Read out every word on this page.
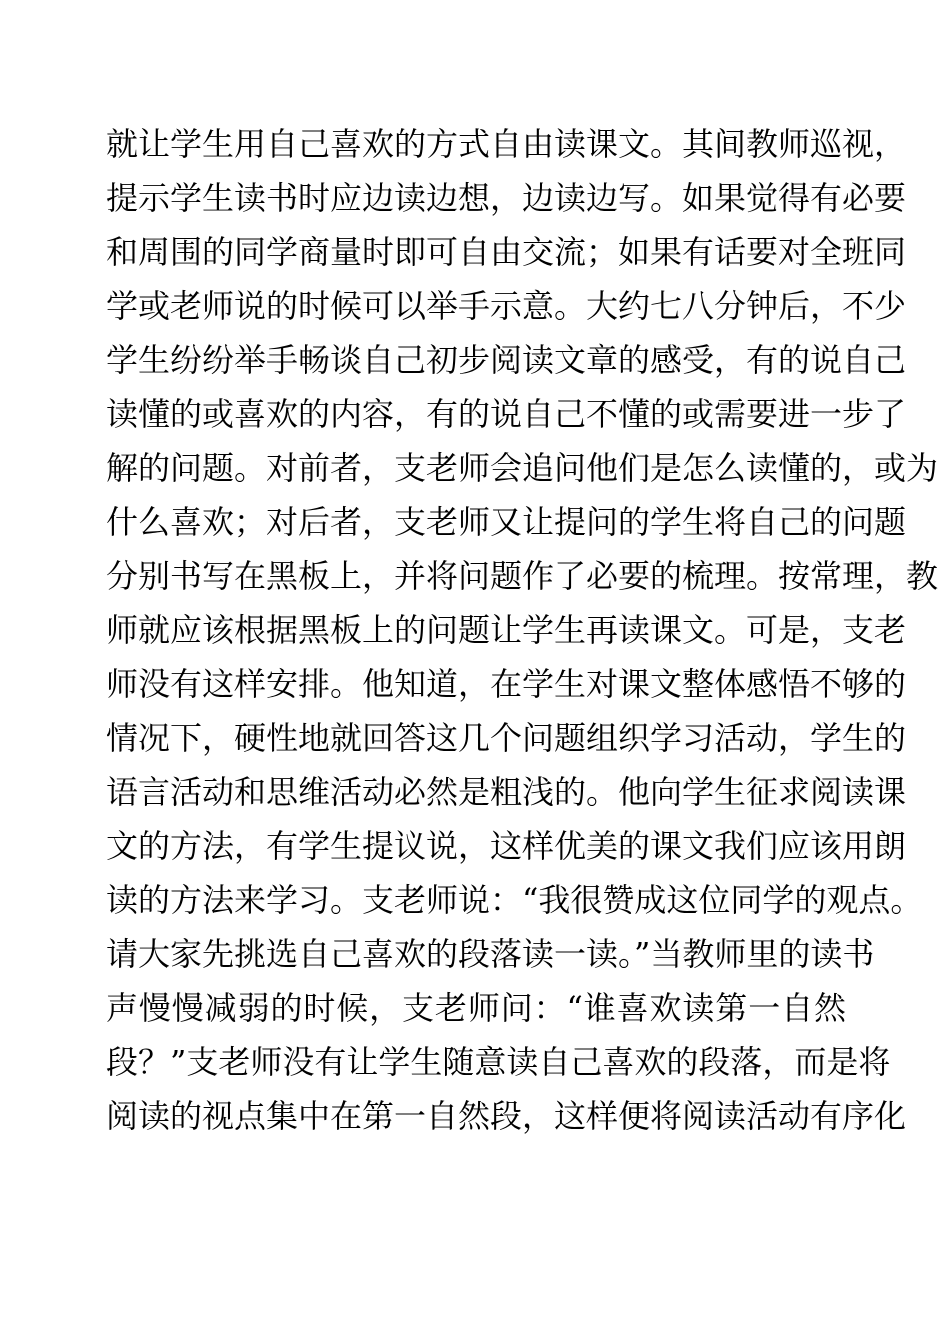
就让学生用自己喜欢的方式自由读课文。其间教师巡视，
提示学生读书时应边读边想，边读边写。如果觉得有必要
和周围的同学商量时即可自由交流；如果有话要对全班同
学或老师说的时候可以举手示意。大约七八分钟后，不少
学生纷纷举手畅谈自己初步阅读文章的感受，有的说自己
读懂的或喜欢的内容，有的说自己不懂的或需要进一步了
解的问题。对前者，支老师会追问他们是怎么读懂的，或为
什么喜欢；对后者，支老师又让提问的学生将自己的问题
分别书写在黑板上，并将问题作了必要的梳理。按常理，教
师就应该根据黑板上的问题让学生再读课文。可是，支老
师没有这样安排。他知道，在学生对课文整体感悟不够的
情况下，硬性地就回答这几个问题组织学习活动，学生的
语言活动和思维活动必然是粗浅的。他向学生征求阅读课
文的方法，有学生提议说，这样优美的课文我们应该用朗
读的方法来学习。支老师说：“我很赞成这位同学的观点。
请大家先挑选自己喜欢的段落读一读。”当教师里的读书
声慢慢减弱的时候，支老师问：“谁喜欢读第一自然
段？”支老师没有让学生随意读自己喜欢的段落，而是将
阅读的视点集中在第一自然段，这样便将阅读活动有序化
